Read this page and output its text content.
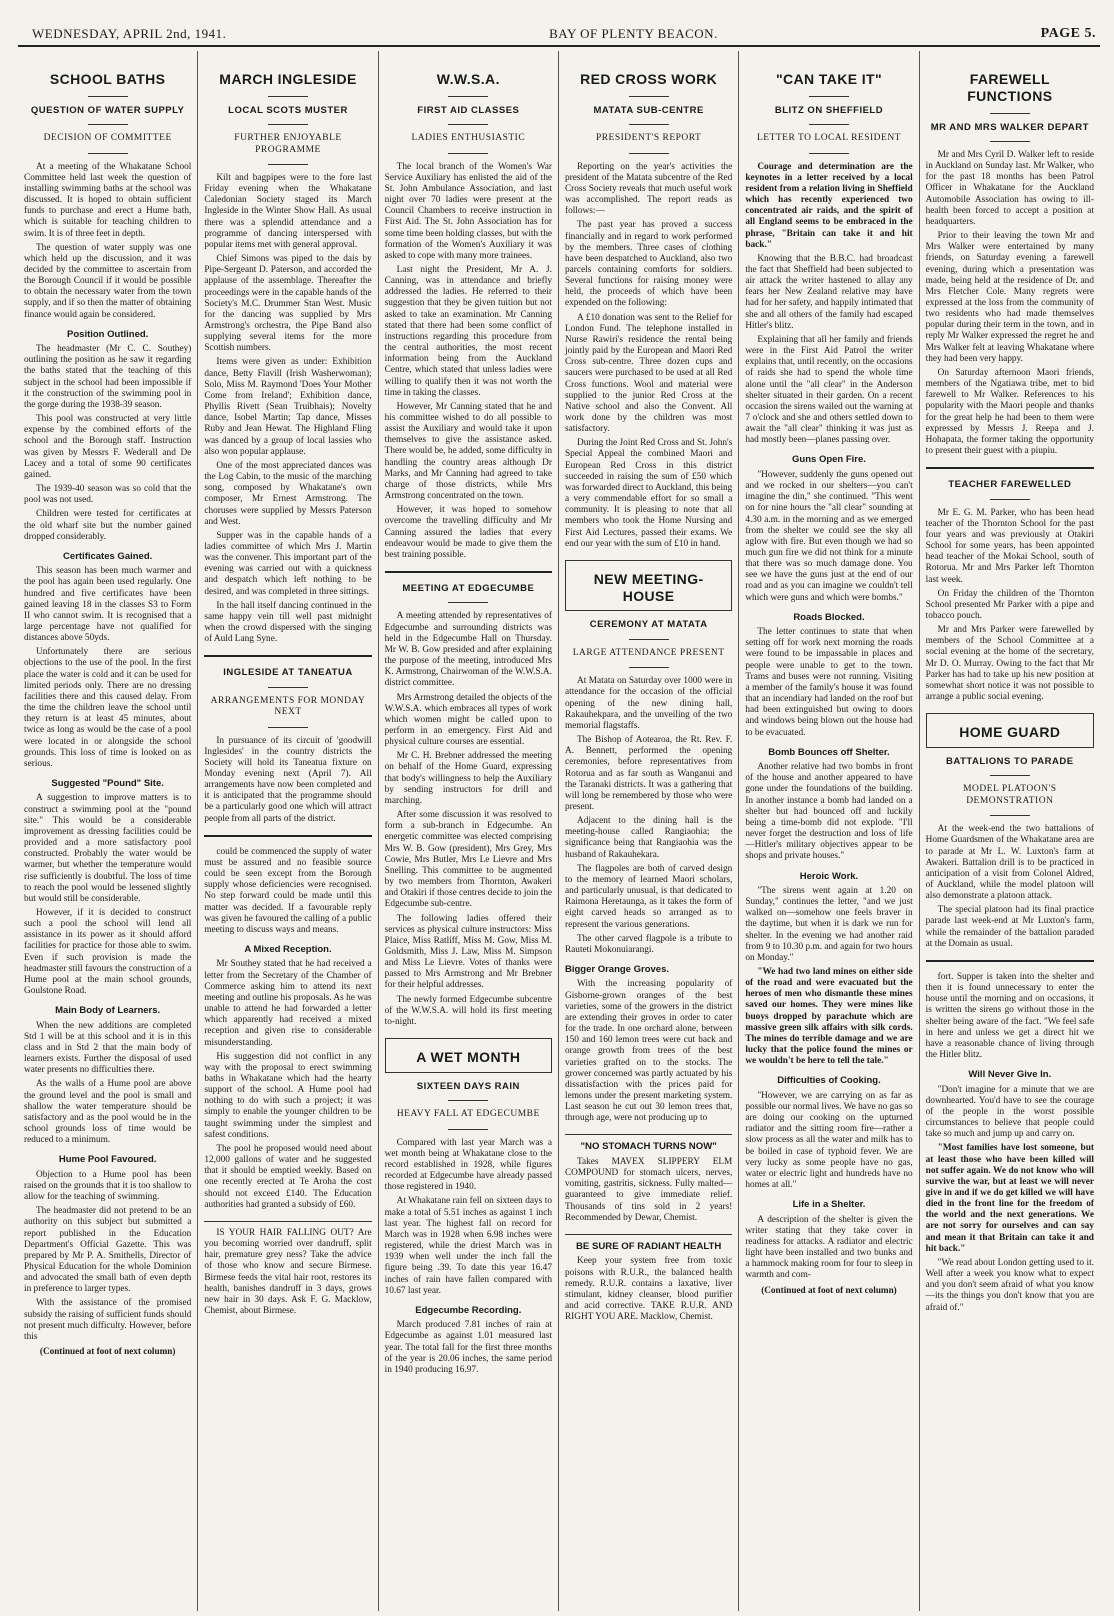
WEDNESDAY, APRIL 2nd, 1941.	BAY OF PLENTY BEACON.	PAGE 5.
SCHOOL BATHS
QUESTION OF WATER SUPPLY
DECISION OF COMMITTEE

At a meeting of the Whakatane School Committee held last week the question of installing swimming baths at the school was discussed. It is hoped to obtain sufficient funds to purchase and erect a Hume bath, which is suitable for teaching children to swim. It is of three feet in depth.

The question of water supply was one which held up the discussion, and it was decided by the committee to ascertain from the Borough Council if it would be possible to obtain the necessary water from the town supply, and if so then the matter of obtaining finance would again be considered.

Position Outlined.

The headmaster (Mr C. C. Southey) outlining the position as he saw it regarding the baths stated that the teaching of this subject in the school had been impossible if it the construction of the swimming pool in the gorge during the 1938-39 season.

This pool was constructed at very little expense by the combined efforts of the school and the Borough staff. Instruction was given by Messrs F. Wederall and De Lacey and a total of some 90 certificates gained.

The 1939-40 season was so cold that the pool was not used.

Children were tested for certificates at the old wharf site but the number gained dropped considerably.

Certificates Gained.

This season has been much warmer and the pool has again been used regularly. One hundred and five certificates have been gained leaving 18 in the classes S3 to Form II who cannot swim. It is recognised that a large percentage have not qualified for distances above 50yds.

Unfortunately there are serious objections to the use of the pool. In the first place the water is cold and it can be used for limited periods only. There are no dressing facilities there and this caused delay. From the time the children leave the school until they return is at least 45 minutes, about twice as long as would be the case of a pool were located in or alongside the school grounds. This loss of time is looked on as serious.

Suggested "Pound" Site.

A suggestion to improve matters is to construct a swimming pool at the "pound site." This would be a considerable improvement as dressing facilities could be provided and a more satisfactory pool constructed. Probably the water would be warmer, but whether the temperature would rise sufficiently is doubtful. The loss of time to reach the pool would be lessened slightly but would still be considerable.

However, if it is decided to construct such a pool the school will lend all assistance in its power as it should afford facilities for practice for those able to swim. Even if such provision is made the headmaster still favours the construction of a Hume pool at the main school grounds, Goulstone Road.

Main Body of Learners.

When the new additions are completed Std 1 will be at this school and it is in this class and in Std 2 that the main body of learners exists. Further the disposal of used water presents no difficulties there.

As the walls of a Hume pool are above the ground level and the pool is small and shallow the water temperature should be satisfactory and as the pool would be in the school grounds loss of time would be reduced to a minimum.

Hume Pool Favoured.

Objection to a Hume pool has been raised on the grounds that it is too shallow to allow for the teaching of swimming.

The headmaster did not pretend to be an authority on this subject but submitted a report published in the Education Department's Official Gazette. This was prepared by Mr P. A. Smithells, Director of Physical Education for the whole Dominion and advocated the small bath of even depth in preference to larger types.

With the assistance of the promised subsidy the raising of sufficient funds should not present much difficulty. However, before this

(Continued at foot of next column)
MARCH INGLESIDE
LOCAL SCOTS MUSTER
FURTHER ENJOYABLE PROGRAMME

Kilt and bagpipes were to the fore last Friday evening when the Whakatane Caledonian Society staged its March Ingleside in the Winter Show Hall. As usual there was a splendid attendance and a programme of dancing interspersed with popular items met with general approval.

Chief Simons was piped to the dais by Pipe-Sergeant D. Paterson, and accorded the applause of the assemblage. Thereafter the proceedings were in the capable hands of the Society's M.C. Drummer Stan West. Music for the dancing was supplied by Mrs Armstrong's orchestra, the Pipe Band also supplying several items for the more Scottish numbers.

Items were given as under: Exhibition dance, Betty Flavill (Irish Washerwoman); Solo, Miss M. Raymond 'Does Your Mother Come from Ireland'; Exhibition dance, Phyllis Rivett (Sean Truibhais); Novelty dance, Isobel Martin; Tap dance, Misses Ruby and Jean Hewat. The Highland Fling was danced by a group of local lassies who also won popular applause.

One of the most appreciated dances was the Log Cabin, to the music of the marching song, composed by Whakatane's own composer, Mr Ernest Armstrong. The choruses were supplied by Messrs Paterson and West.

Supper was in the capable hands of a ladies committee of which Mrs J. Martin was the convener. This important part of the evening was carried out with a quickness and despatch which left nothing to be desired, and was completed in three sittings.

In the hall itself dancing continued in the same happy vein till well past midnight when the crowd dispersed with the singing of Auld Lang Syne.

INGLESIDE AT TANEATUA
ARRANGEMENTS FOR MONDAY NEXT

In pursuance of its circuit of 'goodwill Inglesides' in the country districts the Society will hold its Taneatua fixture on Monday evening next (April 7). All arrangements have now been completed and it is anticipated that the programme should be a particularly good one which will attract people from all parts of the district.

could be commenced the supply of water must be assured and no feasible source could be seen except from the Borough supply whose deficiencies were recognised. No step forward could be made until this matter was decided. If a favourable reply was given he favoured the calling of a public meeting to discuss ways and means.

A Mixed Reception.

Mr Southey stated that he had received a letter from the Secretary of the Chamber of Commerce asking him to attend its next meeting and outline his proposals. As he was unable to attend he had forwarded a letter which apparently had received a mixed reception and given rise to considerable misunderstanding.

His suggestion did not conflict in any way with the proposal to erect swimming baths in Whakatane which had the hearty support of the school. A Hume pool had nothing to do with such a project; it was simply to enable the younger children to be taught swimming under the simplest and safest conditions.

The pool he proposed would need about 12,000 gallons of water and he suggested that it should be emptied weekly. Based on one recently erected at Te Aroha the cost should not exceed £140. The Education authorities had granted a subsidy of £60.

IS YOUR HAIR FALLING OUT? Are you becoming worried over dandruff, split hair, premature grey ness? Take the advice of those who know and secure Birmese. Birmese feeds the vital hair root, restores its health, banishes dandruff in 3 days, grows new hair in 30 days. Ask F. G. Macklow, Chemist, about Birmese.

W.W.S.A.
FIRST AID CLASSES
LADIES ENTHUSIASTIC

The local branch of the Women's War Service Auxiliary has enlisted the aid of the St. John Ambulance Association, and last night over 70 ladies were present at the Council Chambers to receive instruction in First Aid. The St. John Association has for some time been holding classes, but with the formation of the Women's Auxiliary it was asked to cope with many more trainees.

Last night the President, Mr A. J. Canning, was in attendance and briefly addressed the ladies. He referred to their suggestion that they be given tuition but not asked to take an examination. Mr Canning stated that there had been some conflict of instructions regarding this procedure from the central authorities, the most recent information being from the Auckland Centre, which stated that unless ladies were willing to qualify then it was not worth the time in taking the classes.

However, Mr Canning stated that he and his committee wished to do all possible to assist the Auxiliary and would take it upon themselves to give the assistance asked. There would be, he added, some difficulty in handling the country areas although Dr Marks, and Mr Canning had agreed to take charge of those districts, while Mrs Armstrong concentrated on the town.

However, it was hoped to somehow overcome the travelling difficulty and Mr Canning assured the ladies that every endeavour would be made to give them the best training possible.

MEETING AT EDGECUMBE

A meeting attended by representatives of Edgecumbe and surrounding districts was held in the Edgecumbe Hall on Thursday. Mr W. B. Gow presided and after explaining the purpose of the meeting, introduced Mrs K. Armstrong, Chairwoman of the W.W.S.A. district committee.

Mrs Armstrong detailed the objects of the W.W.S.A. which embraces all types of work which women might be called upon to perform in an emergency. First Aid and physical culture courses are essential.

Mr C. H. Brebner addressed the meeting on behalf of the Home Guard, expressing that body's willingness to help the Auxiliary by sending instructors for drill and marching.

After some discussion it was resolved to form a sub-branch in Edgecumbe. An energetic committee was elected comprising Mrs W. B. Gow (president), Mrs Grey, Mrs Cowie, Mrs Butler, Mrs Le Lievre and Mrs Snelling. This committee to be augmented by two members from Thornton, Awakeri and Otakiri if those centres decide to join the Edgecumbe sub-centre.

The following ladies offered their services as physical culture instructors: Miss Plaice, Miss Ratliff, Miss M. Gow, Miss M. Goldsmith, Miss J. Law, Miss M. Simpson and Miss Le Lievre. Votes of thanks were passed to Mrs Armstrong and Mr Brebner for their helpful addresses.

The newly formed Edgecumbe subcentre of the W.W.S.A. will hold its first meeting to-night.

A WET MONTH
SIXTEEN DAYS RAIN
HEAVY FALL AT EDGECUMBE

Compared with last year March was a wet month being at Whakatane close to the record established in 1928, while figures recorded at Edgecumbe have already passed those registered in 1940.

At Whakatane rain fell on sixteen days to make a total of 5.51 inches as against 1 inch last year. The highest fall on record for March was in 1928 when 6.98 inches were registered, while the driest March was in 1939 when well under the inch fall the figure being .39. To date this year 16.47 inches of rain have fallen compared with 10.67 last year.

Edgecumbe Recording.

March produced 7.81 inches of rain at Edgecumbe as against 1.01 measured last year. The total fall for the first three months of the year is 20.06 inches, the same period in 1940 producing 16.97.

RED CROSS WORK
MATATA SUB-CENTRE
PRESIDENT'S REPORT

Reporting on the year's activities the president of the Matata subcentre of the Red Cross Society reveals that much useful work was accomplished. The report reads as follows:—

The past year has proved a success financially and in regard to work performed by the members. Three cases of clothing have been despatched to Auckland, also two parcels containing comforts for soldiers. Several functions for raising money were held, the proceeds of which have been expended on the following:

A £10 donation was sent to the Relief for London Fund. The telephone installed in Nurse Rawiri's residence the rental being jointly paid by the European and Maori Red Cross sub-centre. Three dozen cups and saucers were purchased to be used at all Red Cross functions. Wool and material were supplied to the junior Red Cross at the Native school and also the Convent. All work done by the children was most satisfactory.

During the Joint Red Cross and St. John's Special Appeal the combined Maori and European Red Cross in this district succeeded in raising the sum of £50 which was forwarded direct to Auckland, this being a very commendable effort for so small a community. It is pleasing to note that all members who took the Home Nursing and First Aid Lectures, passed their exams. We end our year with the sum of £10 in hand.

NEW MEETING-HOUSE
CEREMONY AT MATATA
LARGE ATTENDANCE PRESENT

At Matata on Saturday over 1000 were in attendance for the occasion of the official opening of the new dining hall, Rakauhekpara, and the unveiling of the two memorial flagstaffs.

The Bishop of Aotearoa, the Rt. Rev. F. A. Bennett, performed the opening ceremonies, before representatives from Rotorua and as far south as Wanganui and the Taranaki districts. It was a gathering that will long be remembered by those who were present.

Adjacent to the dining hall is the meeting-house called Rangiaohia; the significance being that Rangiaohia was the husband of Rakauhekara.

The flagpoles are both of carved design to the memory of learned Maori scholars, and particularly unusual, is that dedicated to Raimona Heretaunga, as it takes the form of eight carved heads so arranged as to represent the various generations.

The other carved flagpole is a tribute to Rauteti Mokonuiarangi.

Bigger Orange Groves.

With the increasing popularity of Gisborne-grown oranges of the best varieties, some of the growers in the district are extending their groves in order to cater for the trade. In one orchard alone, between 150 and 160 lemon trees were cut back and orange growth from trees of the best varieties grafted on to the stocks. The grower concerned was partly actuated by his dissatisfaction with the prices paid for lemons under the present marketing system. Last season he cut out 30 lemon trees that, through age, were not producing up to

"NO STOMACH TURNS NOW"

Takes MAVEX SLIPPERY ELM COMPOUND for stomach ulcers, nerves, vomiting, gastritis, sickness. Fully malted—guaranteed to give immediate relief. Thousands of tins sold in 2 years! Recommended by Dewar, Chemist.

BE SURE OF RADIANT HEALTH

Keep your system free from toxic poisons with R.U.R., the balanced health remedy. R.U.R. contains a laxative, liver stimulant, kidney cleanser, blood purifier and acid corrective. TAKE R.U.R. AND RIGHT YOU ARE. Macklow, Chemist.

"CAN TAKE IT"
BLITZ ON SHEFFIELD
LETTER TO LOCAL RESIDENT

Courage and determination are the keynotes in a letter received by a local resident from a relation living in Sheffield which has recently experienced two concentrated air raids, and the spirit of all England seems to be embraced in the phrase, "Britain can take it and hit back."

Knowing that the B.B.C. had broadcast the fact that Sheffield had been subjected to air attack the writer hastened to allay any fears her New Zealand relative may have had for her safety, and happily intimated that she and all others of the family had escaped Hitler's blitz.

Explaining that all her family and friends were in the First Aid Patrol the writer explains that, until recently, on the occasions of raids she had to spend the whole time alone until the "all clear" in the Anderson shelter situated in their garden. On a recent occasion the sirens wailed out the warning at 7 o'clock and she and others settled down to await the "all clear" thinking it was just as had mostly been—planes passing over.

Guns Open Fire.

"However, suddenly the guns opened out and we rocked in our shelters—you can't imagine the din," she continued. "This went on for nine hours the "all clear" sounding at 4.30 a.m. in the morning and as we emerged from the shelter we could see the sky all aglow with fire. But even though we had so much gun fire we did not think for a minute that there was so much damage done. You see we have the guns just at the end of our road and as you can imagine we couldn't tell which were guns and which were bombs."

Roads Blocked.

The letter continues to state that when setting off for work next morning the roads were found to be impassable in places and people were unable to get to the town. Trams and buses were not running. Visiting a member of the family's house it was found that an incendiary had landed on the roof but had been extinguished but owing to doors and windows being blown out the house had to be evacuated.

Bomb Bounces off Shelter.

Another relative had two bombs in front of the house and another appeared to have gone under the foundations of the building. In another instance a bomb had landed on a shelter but had bounced off and luckily being a time-bomb did not explode. "I'll never forget the destruction and loss of life—Hitler's military objectives appear to be shops and private houses."

Heroic Work.

"The sirens went again at 1.20 on Sunday," continues the letter, "and we just walked on—somehow one feels braver in the daytime, but when it is dark we run for shelter. In the evening we had another raid from 9 to 10.30 p.m. and again for two hours on Monday."

"We had two land mines on either side of the road and were evacuated but the heroes of men who dismantle these mines saved our homes. They were mines like buoys dropped by parachute which are massive green silk affairs with silk cords. The mines do terrible damage and we are lucky that the police found the mines or we wouldn't be here to tell the tale."

Difficulties of Cooking.

"However, we are carrying on as far as possible our normal lives. We have no gas so are doing our cooking on the upturned radiator and the sitting room fire—rather a slow process as all the water and milk has to be boiled in case of typhoid fever. We are very lucky as some people have no gas, water or electric light and hundreds have no homes at all."

Life in a Shelter.

A description of the shelter is given the writer stating that they take cover in readiness for attacks. A radiator and electric light have been installed and two bunks and a hammock making room for four to sleep in warmth and com-

(Continued at foot of next column)
FAREWELL FUNCTIONS
MR AND MRS WALKER DEPART

Mr and Mrs Cyril D. Walker left to reside in Auckland on Sunday last. Mr Walker, who for the past 18 months has been Patrol Officer in Whakatane for the Auckland Automobile Association has owing to ill-health been forced to accept a position at headquarters.

Prior to their leaving the town Mr and Mrs Walker were entertained by many friends, on Saturday evening a farewell evening, during which a presentation was made, being held at the residence of Dr. and Mrs Fletcher Cole. Many regrets were expressed at the loss from the community of two residents who had made themselves popular during their term in the town, and in reply Mr Walker expressed the regret he and Mrs Walker felt at leaving Whakatane where they had been very happy.

On Saturday afternoon Maori friends, members of the Ngatiawa tribe, met to bid farewell to Mr Walker. References to his popularity with the Maori people and thanks for the great help he had been to them were expressed by Messrs J. Reepa and J. Hohapata, the former taking the opportunity to present their guest with a piupiu.

TEACHER FAREWELLED

Mr E. G. M. Parker, who has been head teacher of the Thornton School for the past four years and was previously at Otakiri School for some years, has been appointed head teacher of the Mokai School, south of Rotorua. Mr and Mrs Parker left Thornton last week.

On Friday the children of the Thornton School presented Mr Parker with a pipe and tobacco pouch.

Mr and Mrs Parker were farewelled by members of the School Committee at a social evening at the home of the secretary, Mr D. O. Murray. Owing to the fact that Mr Parker has had to take up his new position at somewhat short notice it was not possible to arrange a public social evening.

HOME GUARD
BATTALIONS TO PARADE
MODEL PLATOON'S DEMONSTRATION

At the week-end the two battalions of Home Guardsmen of the Whakatane area are to parade at Mr L. W. Luxton's farm at Awakeri. Battalion drill is to be practiced in anticipation of a visit from Colonel Aldred, of Auckland, while the model platoon will also demonstrate a platoon attack.

The special platoon had its final practice parade last week-end at Mr Luxton's farm, while the remainder of the battalion paraded at the Domain as usual.

fort. Supper is taken into the shelter and then it is found unnecessary to enter the house until the morning and on occasions, it is written the sirens go without those in the shelter being aware of the fact. "We feel safe in here and unless we get a direct hit we have a reasonable chance of living through the Hitler blitz.

Will Never Give In.

"Don't imagine for a minute that we are downhearted. You'd have to see the courage of the people in the worst possible circumstances to believe that people could take so much and jump up and carry on.

"Most families have lost someone, but at least those who have been killed will not suffer again. We do not know who will survive the war, but at least we will never give in and if we do get killed we will have died in the front line for the freedom of the world and the next generations. We are not sorry for ourselves and can say and mean it that Britain can take it and hit back."

"We read about London getting used to it. Well after a week you know what to expect and you don't seem afraid of what you know—its the things you don't know that you are afraid of."
